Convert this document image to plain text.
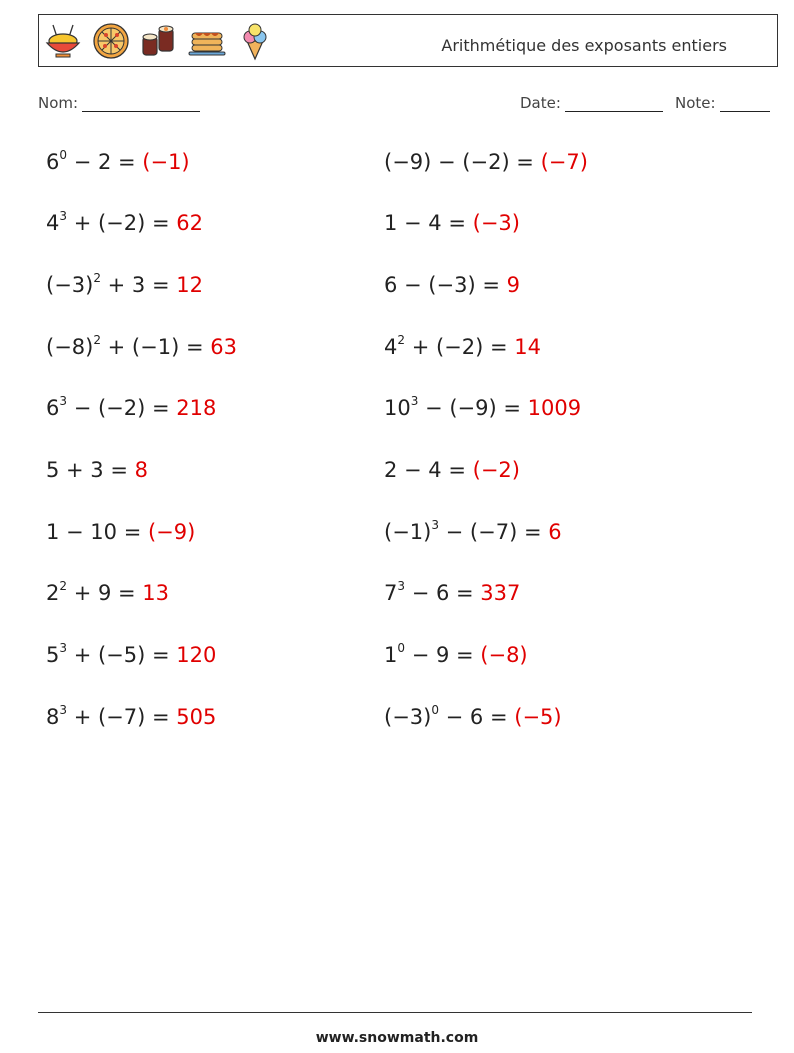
Arithmétique des exposants entiers
Nom:	Date:	Note:
$6^0 - 2 = (-1)$
$4^3 + (-2) = 62$
$(-3)^2 + 3 = 12$
$(-8)^2 + (-1) = 63$
$6^3 - (-2) = 218$
5 + 3 = 8
1 − 10 = (−9)
$2^2 + 9 = 13$
$5^3 + (-5) = 120$
$8^3 + (-7) = 505$
(−9) − (−2) = (−7)
1 − 4 = (−3)
6 − (−3) = 9
$4^2 + (-2) = 14$
$10^3 - (-9) = 1009$
2 − 4 = (−2)
$(-1)^3 - (-7) = 6$
$7^3 - 6 = 337$
$1^0 - 9 = (-8)$
$(-3)^0 - 6 = (-5)$
www.snowmath.com
